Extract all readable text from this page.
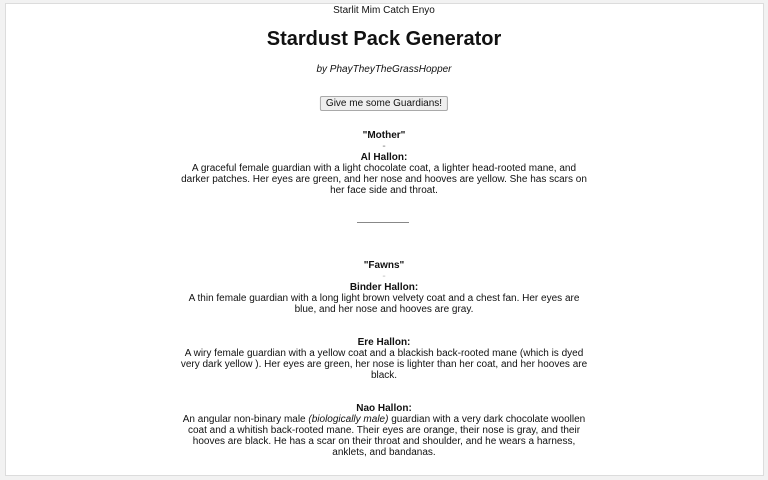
Starlit Mim Catch Enyo
Stardust Pack Generator
by PhayTheyTheGrassHopper
Give me some Guardians!
"Mother"
-
Al Hallon:
A graceful female guardian with a light chocolate coat, a lighter head-rooted mane, and darker patches. Her eyes are green, and her nose and hooves are yellow. She has scars on her face side and throat.
"Fawns"
-
Binder Hallon:
A thin female guardian with a long light brown velvety coat and a chest fan. Her eyes are blue, and her nose and hooves are gray.
Ere Hallon:
A wiry female guardian with a yellow coat and a blackish back-rooted mane (which is dyed very dark yellow ). Her eyes are green, her nose is lighter than her coat, and her hooves are black.
Nao Hallon:
An angular non-binary male (biologically male) guardian with a very dark chocolate woollen coat and a whitish back-rooted mane. Their eyes are orange, their nose is gray, and their hooves are black. He has a scar on their throat and shoulder, and he wears a harness, anklets, and bandanas.
